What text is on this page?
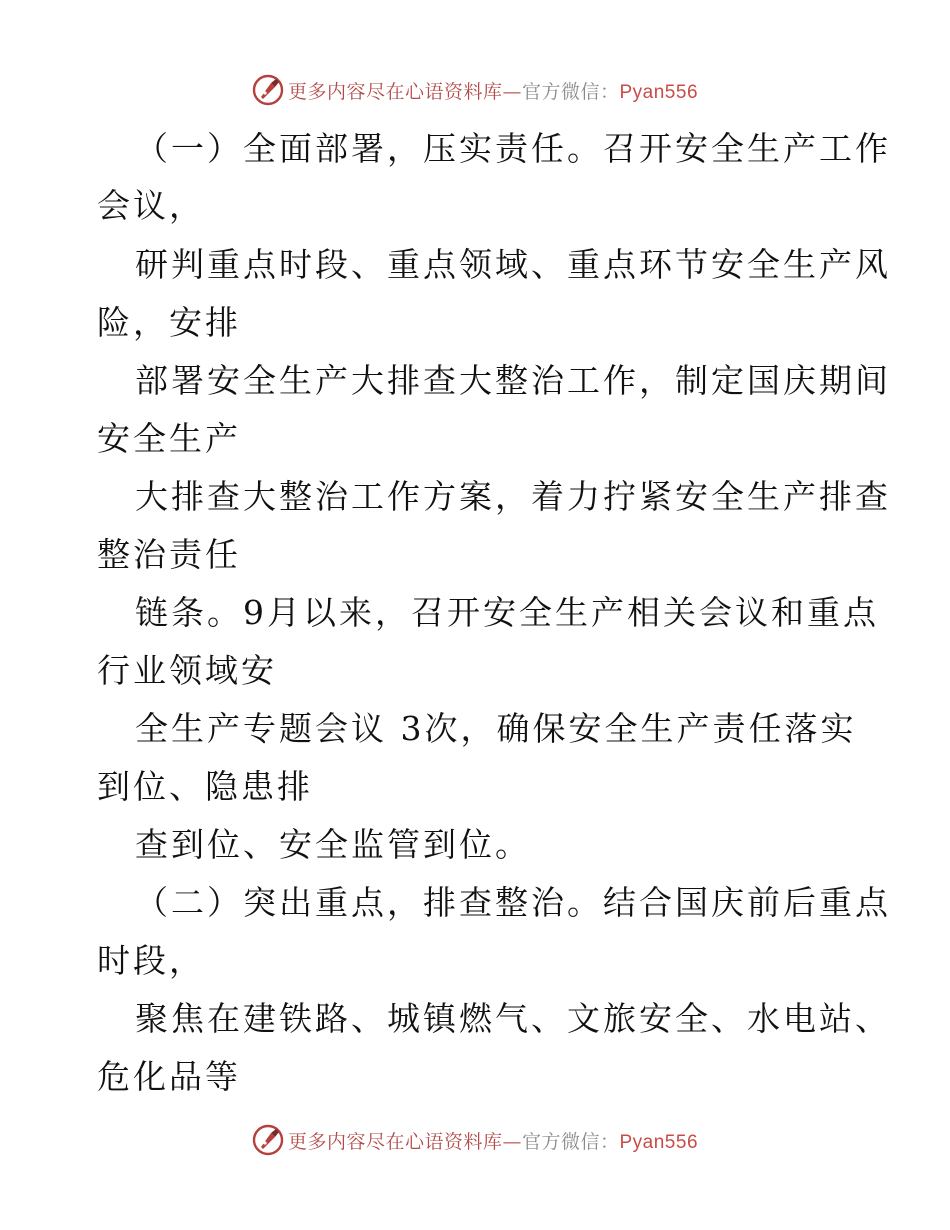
更多内容尽在心语资料库—官方微信：Pyan556
（一）全面部署，压实责任。召开安全生产工作
会议，
研判重点时段、重点领域、重点环节安全生产风
险，安排
部署安全生产大排查大整治工作，制定国庆期间
安全生产
大排查大整治工作方案，着力拧紧安全生产排查
整治责任
链条。9月以来，召开安全生产相关会议和重点
行业领域安
全生产专题会议 3次，确保安全生产责任落实
到位、隐患排
查到位、安全监管到位。
（二）突出重点，排查整治。结合国庆前后重点
时段，
聚焦在建铁路、城镇燃气、文旅安全、水电站、
危化品等
更多内容尽在心语资料库—官方微信：Pyan556
